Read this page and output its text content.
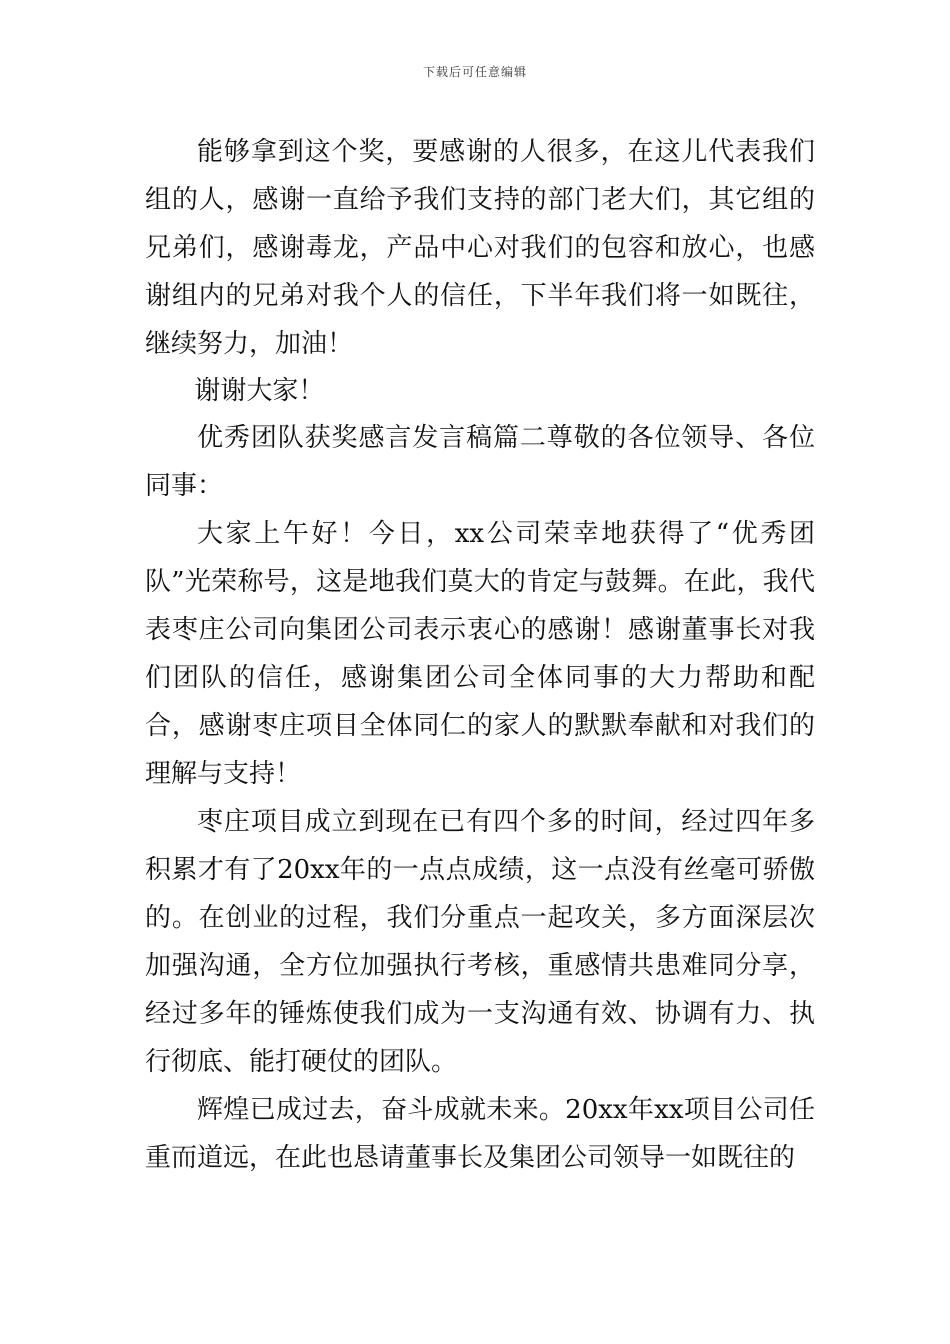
下载后可任意编辑

能够拿到这个奖，要感谢的人很多，在这儿代表我们组的人，感谢一直给予我们支持的部门老大们，其它组的兄弟们，感谢毒龙，产品中心对我们的包容和放心，也感谢组内的兄弟对我个人的信任，下半年我们将一如既往，继续努力，加油！

谢谢大家！

优秀团队获奖感言发言稿篇二尊敬的各位领导、各位同事：

大家上午好！今日，xx公司荣幸地获得了“优秀团队”光荣称号，这是地我们莫大的肯定与鼓舞。在此，我代表枣庄公司向集团公司表示衷心的感谢！感谢董事长对我们团队的信任，感谢集团公司全体同事的大力帮助和配合，感谢枣庄项目全体同仁的家人的默默奉献和对我们的理解与支持！

枣庄项目成立到现在已有四个多的时间，经过四年多积累才有了20xx年的一点点成绩，这一点没有丝毫可骄傲的。在创业的过程，我们分重点一起攻关，多方面深层次加强沟通，全方位加强执行考核，重感情共患难同分享，经过多年的锤炼使我们成为一支沟通有效、协调有力、执行彻底、能打硬仗的团队。

辉煌已成过去，奋斗成就未来。20xx年xx项目公司任重而道远，在此也恳请董事长及集团公司领导一如既往的
